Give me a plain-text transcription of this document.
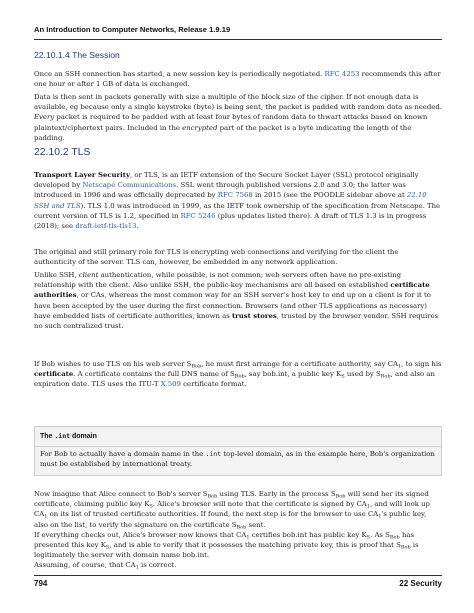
An Introduction to Computer Networks, Release 1.9.19
22.10.1.4 The Session
Once an SSH connection has started, a new session key is periodically negotiated. RFC 4253 recommends this after one hour or after 1 GB of data is exchanged.
Data is then sent in packets generally with size a multiple of the block size of the cipher. If not enough data is available, eg because only a single keystroke (byte) is being sent, the packet is padded with random data as needed. Every packet is required to be padded with at least four bytes of random data to thwart attacks based on known plaintext/ciphertext pairs. Included in the encrypted part of the packet is a byte indicating the length of the padding.
22.10.2 TLS
Transport Layer Security, or TLS, is an IETF extension of the Secure Socket Layer (SSL) protocol originally developed by Netscape Communications. SSL went through published versions 2.0 and 3.0; the latter was introduced in 1996 and was officially deprecated by RFC 7568 in 2015 (see the POODLE sidebar above at 22.10 SSH and TLS). TLS 1.0 was introduced in 1999, as the IETF took ownership of the specification from Netscape. The current version of TLS is 1.2, specified in RFC 5246 (plus updates listed there). A draft of TLS 1.3 is in progress (2018); see draft-ietf-tls-tls13.
The original and still primary role for TLS is encrypting web connections and verifying for the client the authenticity of the server. TLS can, however, be embedded in any network application.
Unlike SSH, client authentication, while possible, is not common; web servers often have no pre-existing relationship with the client. Also unlike SSH, the public-key mechanisms are all based on established certificate authorities, or CAs, whereas the most common way for an SSH server's host key to end up on a client is for it to have been accepted by the user during the first connection. Browsers (and other TLS applications as necessary) have embedded lists of certificate authorities, known as trust stores, trusted by the browser vendor. SSH requires no such centralized trust.
If Bob wishes to use TLS on his web server $S_{Bob}$, he must first arrange for a certificate authority, say $CA_1$, to sign his certificate. A certificate contains the full DNS name of $S_{Bob}$, say bob.int, a public key $K_S$ used by $S_{Bob}$, and also an expiration date. TLS uses the ITU-T X.509 certificate format.
The .int domain
For Bob to actually have a domain name in the .int top-level domain, as in the example here, Bob's organization must be established by international treaty.
Now imagine that Alice connect to Bob's server $S_{Bob}$ using TLS. Early in the process $S_{Bob}$ will send her its signed certificate, claiming public key $K_S$. Alice's browser will note that the certificate is signed by $CA_1$, and will look up $CA_1$ on its list of trusted certificate authorities. If found, the next step is for the browser to use $CA_1's$ public key, also on the list, to verify the signature on the certificate $S_{Bob}$ sent.
If everything checks out, Alice's browser now knows that $CA_1$ certifies bob.int has public key $K_S$. As $S_{Bob}$ has presented this key $K_S$, and is able to verify that it possesses the matching private key, this is proof that $S_{Bob}$ is legitimately the server with domain name bob.int.
Assuming, of course, that $CA_1$ is correct.
794	22 Security
